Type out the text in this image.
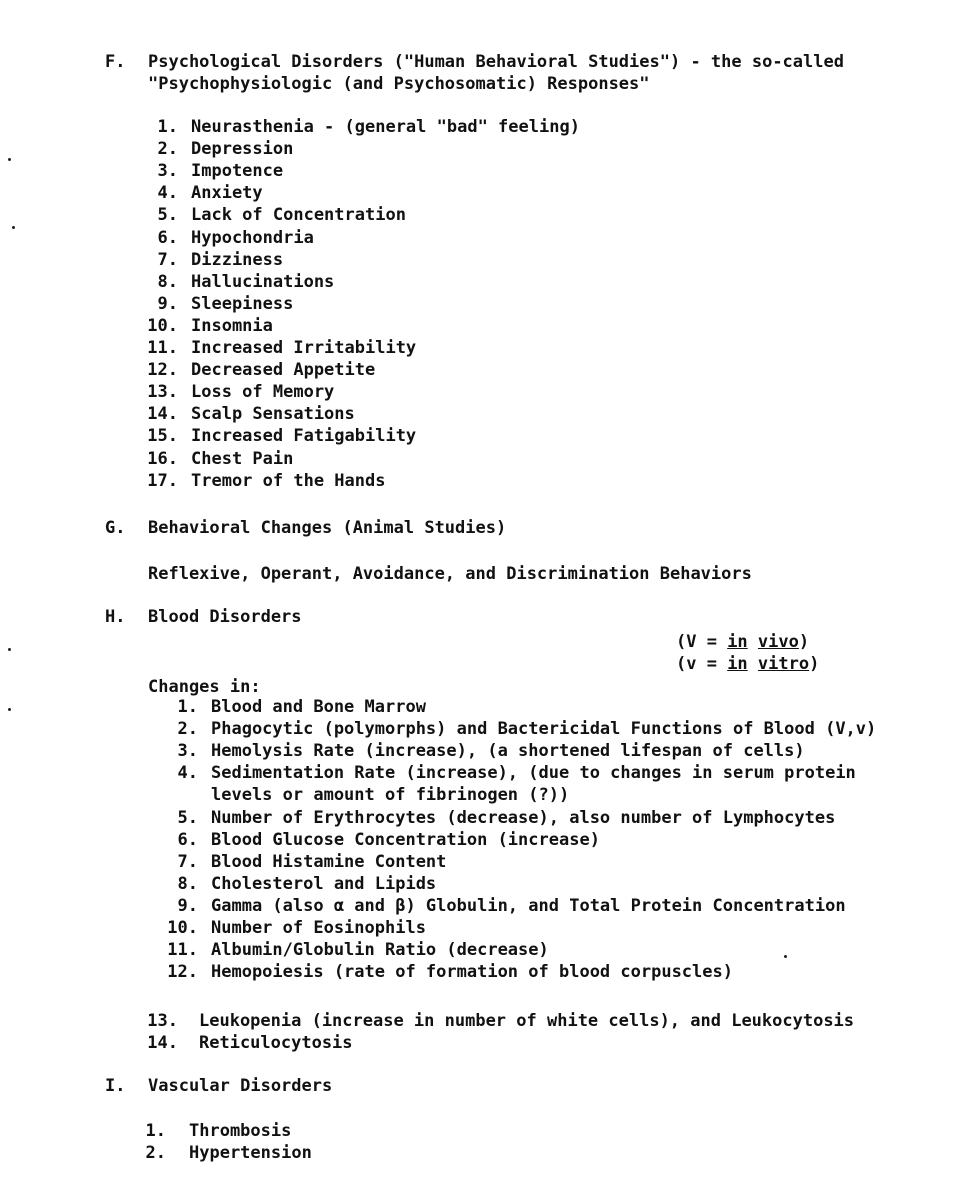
F. Psychological Disorders ("Human Behavioral Studies") - the so-called
"Psychophysiologic (and Psychosomatic) Responses"
1. Neurasthenia - (general "bad" feeling)
2. Depression
3. Impotence
4. Anxiety
5. Lack of Concentration
6. Hypochondria
7. Dizziness
8. Hallucinations
9. Sleepiness
10. Insomnia
11. Increased Irritability
12. Decreased Appetite
13. Loss of Memory
14. Scalp Sensations
15. Increased Fatigability
16. Chest Pain
17. Tremor of the Hands
G. Behavioral Changes (Animal Studies)
Reflexive, Operant, Avoidance, and Discrimination Behaviors
H. Blood Disorders
(V = in vivo)
(v = in vitro)
Changes in:
1. Blood and Bone Marrow
2. Phagocytic (polymorphs) and Bactericidal Functions of Blood (V,v)
3. Hemolysis Rate (increase), (a shortened lifespan of cells)
4. Sedimentation Rate (increase), (due to changes in serum protein
levels or amount of fibrinogen (?))
5. Number of Erythrocytes (decrease), also number of Lymphocytes
6. Blood Glucose Concentration (increase)
7. Blood Histamine Content
8. Cholesterol and Lipids
9. Gamma (also α and β) Globulin, and Total Protein Concentration
10. Number of Eosinophils
11. Albumin/Globulin Ratio (decrease)
12. Hemopoiesis (rate of formation of blood corpuscles)
13. Leukopenia (increase in number of white cells), and Leukocytosis
14. Reticulocytosis
I. Vascular Disorders
1. Thrombosis
2. Hypertension
